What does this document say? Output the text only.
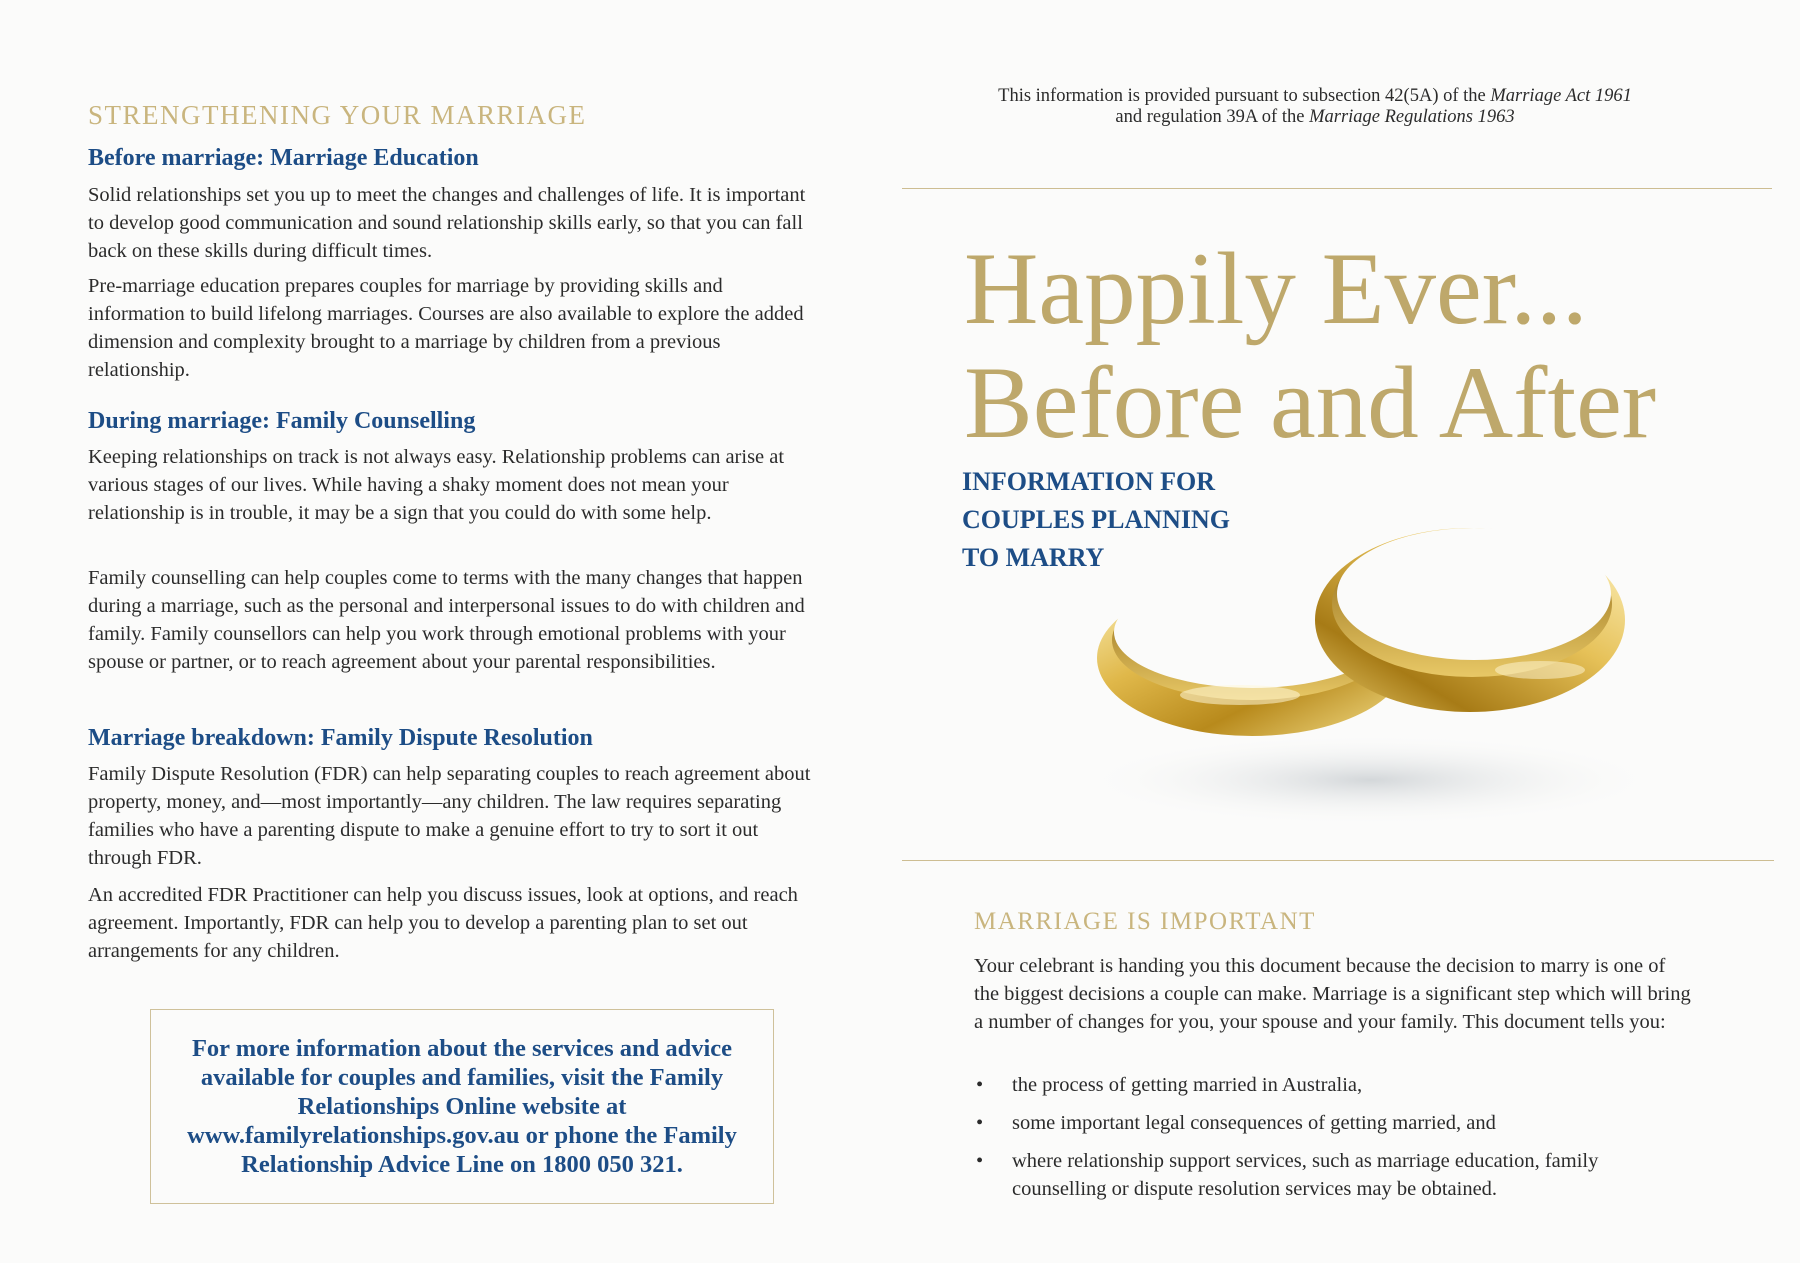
STRENGTHENING YOUR MARRIAGE
Before marriage: Marriage Education

Solid relationships set you up to meet the changes and challenges of life. It is important to develop good communication and sound relationship skills early, so that you can fall back on these skills during difficult times.

Pre-marriage education prepares couples for marriage by providing skills and information to build lifelong marriages. Courses are also available to explore the added dimension and complexity brought to a marriage by children from a previous relationship.

During marriage: Family Counselling

Keeping relationships on track is not always easy. Relationship problems can arise at various stages of our lives. While having a shaky moment does not mean your relationship is in trouble, it may be a sign that you could do with some help.

Family counselling can help couples come to terms with the many changes that happen during a marriage, such as the personal and interpersonal issues to do with children and family. Family counsellors can help you work through emotional problems with your spouse or partner, or to reach agreement about your parental responsibilities.

Marriage breakdown: Family Dispute Resolution

Family Dispute Resolution (FDR) can help separating couples to reach agreement about property, money, and—most importantly—any children. The law requires separating families who have a parenting dispute to make a genuine effort to try to sort it out through FDR.

An accredited FDR Practitioner can help you discuss issues, look at options, and reach agreement. Importantly, FDR can help you to develop a parenting plan to set out arrangements for any children.

For more information about the services and advice available for couples and families, visit the Family Relationships Online website at www.familyrelationships.gov.au or phone the Family Relationship Advice Line on 1800 050 321.
This information is provided pursuant to subsection 42(5A) of the Marriage Act 1961
and regulation 39A of the Marriage Regulations 1963
Happily Ever...
Before and After
INFORMATION FOR
COUPLES PLANNING
TO MARRY
MARRIAGE IS IMPORTANT

Your celebrant is handing you this document because the decision to marry is one of the biggest decisions a couple can make. Marriage is a significant step which will bring a number of changes for you, your spouse and your family. This document tells you:

• the process of getting married in Australia,
• some important legal consequences of getting married, and
• where relationship support services, such as marriage education, family counselling or dispute resolution services may be obtained.
